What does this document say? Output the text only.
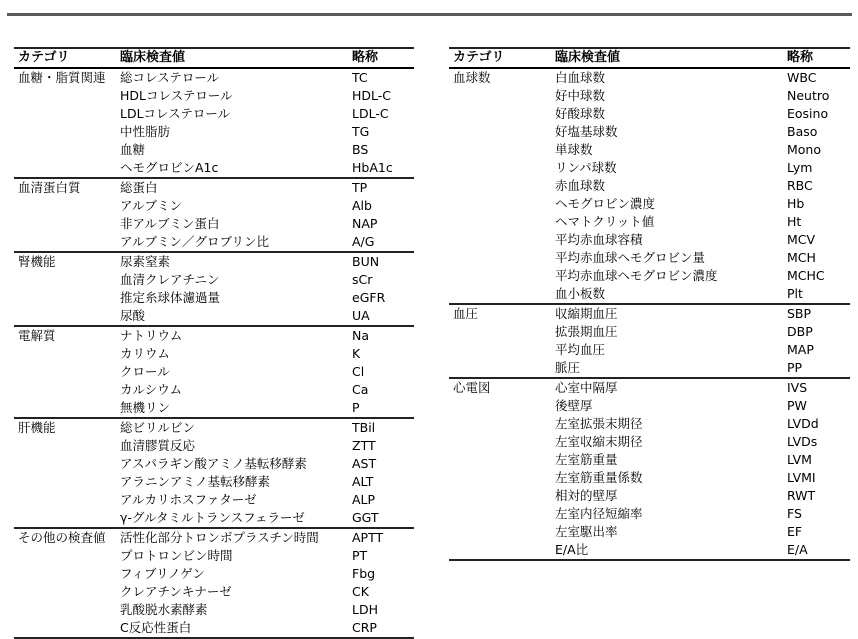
カテゴリ	臨床検査値	略称
血糖・脂質関連	総コレステロール	TC
	HDLコレステロール	HDL-C
	LDLコレステロール	LDL-C
	中性脂肪	TG
	血糖	BS
	ヘモグロビンA1c	HbA1c
血清蛋白質	総蛋白	TP
	アルブミン	Alb
	非アルブミン蛋白	NAP
	アルブミン／グロブリン比	A/G
腎機能	尿素窒素	BUN
	血清クレアチニン	sCr
	推定糸球体濾過量	eGFR
	尿酸	UA
電解質	ナトリウム	Na
	カリウム	K
	クロール	Cl
	カルシウム	Ca
	無機リン	P
肝機能	総ビリルビン	TBil
	血清膠質反応	ZTT
	アスパラギン酸アミノ基転移酵素	AST
	アラニンアミノ基転移酵素	ALT
	アルカリホスファターゼ	ALP
	γ-グルタミルトランスフェラーゼ	GGT
その他の検査値	活性化部分トロンボプラスチン時間	APTT
	プロトロンビン時間	PT
	フィブリノゲン	Fbg
	クレアチンキナーゼ	CK
	乳酸脱水素酵素	LDH
	C反応性蛋白	CRP
カテゴリ	臨床検査値	略称
血球数	白血球数	WBC
	好中球数	Neutro
	好酸球数	Eosino
	好塩基球数	Baso
	単球数	Mono
	リンパ球数	Lym
	赤血球数	RBC
	ヘモグロビン濃度	Hb
	ヘマトクリット値	Ht
	平均赤血球容積	MCV
	平均赤血球ヘモグロビン量	MCH
	平均赤血球ヘモグロビン濃度	MCHC
	血小板数	Plt
血圧	収縮期血圧	SBP
	拡張期血圧	DBP
	平均血圧	MAP
	脈圧	PP
心電図	心室中隔厚	IVS
	後壁厚	PW
	左室拡張末期径	LVDd
	左室収縮末期径	LVDs
	左室筋重量	LVM
	左室筋重量係数	LVMI
	相対的壁厚	RWT
	左室内径短縮率	FS
	左室駆出率	EF
	E/A比	E/A
